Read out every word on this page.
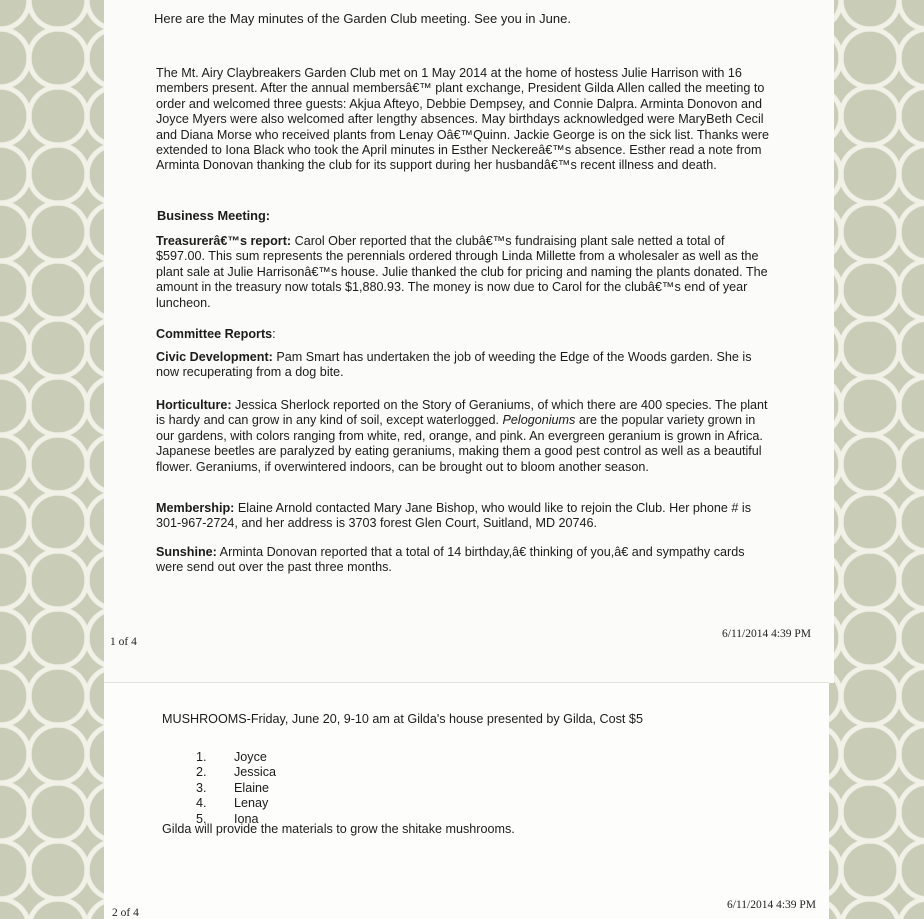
Here are the May minutes of the Garden Club meeting. See you in June.
The Mt. Airy Claybreakers Garden Club met on 1 May 2014 at the home of hostess Julie Harrison with 16 members present. After the annual membersâ€™ plant exchange, President Gilda Allen called the meeting to order and welcomed three guests: Akjua Afteyo, Debbie Dempsey, and Connie Dalpra. Arminta Donovon and Joyce Myers were also welcomed after lengthy absences. May birthdays acknowledged were MaryBeth Cecil and Diana Morse who received plants from Lenay Oâ€™Quinn. Jackie George is on the sick list. Thanks were extended to Iona Black who took the April minutes in Esther Neckereâ€™s absence. Esther read a note from Arminta Donovan thanking the club for its support during her husbandâ€™s recent illness and death.
Business Meeting:
Treasurerâ€™s report: Carol Ober reported that the clubâ€™s fundraising plant sale netted a total of $597.00. This sum represents the perennials ordered through Linda Millette from a wholesaler as well as the plant sale at Julie Harrisonâ€™s house. Julie thanked the club for pricing and naming the plants donated. The amount in the treasury now totals $1,880.93. The money is now due to Carol for the clubâ€™s end of year luncheon.
Committee Reports:
Civic Development: Pam Smart has undertaken the job of weeding the Edge of the Woods garden. She is now recuperating from a dog bite.
Horticulture: Jessica Sherlock reported on the Story of Geraniums, of which there are 400 species. The plant is hardy and can grow in any kind of soil, except waterlogged. Pelogoniums are the popular variety grown in our gardens, with colors ranging from white, red, orange, and pink. An evergreen geranium is grown in Africa. Japanese beetles are paralyzed by eating geraniums, making them a good pest control as well as a beautiful flower. Geraniums, if overwintered indoors, can be brought out to bloom another season.
Membership: Elaine Arnold contacted Mary Jane Bishop, who would like to rejoin the Club. Her phone # is 301-967-2724, and her address is 3703 forest Glen Court, Suitland, MD 20746.
Sunshine: Arminta Donovan reported that a total of 14 birthday,â€ thinking of you,â€ and sympathy cards were send out over the past three months.
1 of 4
6/11/2014 4:39 PM
MUSHROOMS-Friday, June 20, 9-10 am at Gilda's house presented by Gilda, Cost $5
1.	Joyce
2.	Jessica
3.	Elaine
4.	Lenay
5.	Iona
Gilda will provide the materials to grow the shitake mushrooms.
2 of 4
6/11/2014 4:39 PM
